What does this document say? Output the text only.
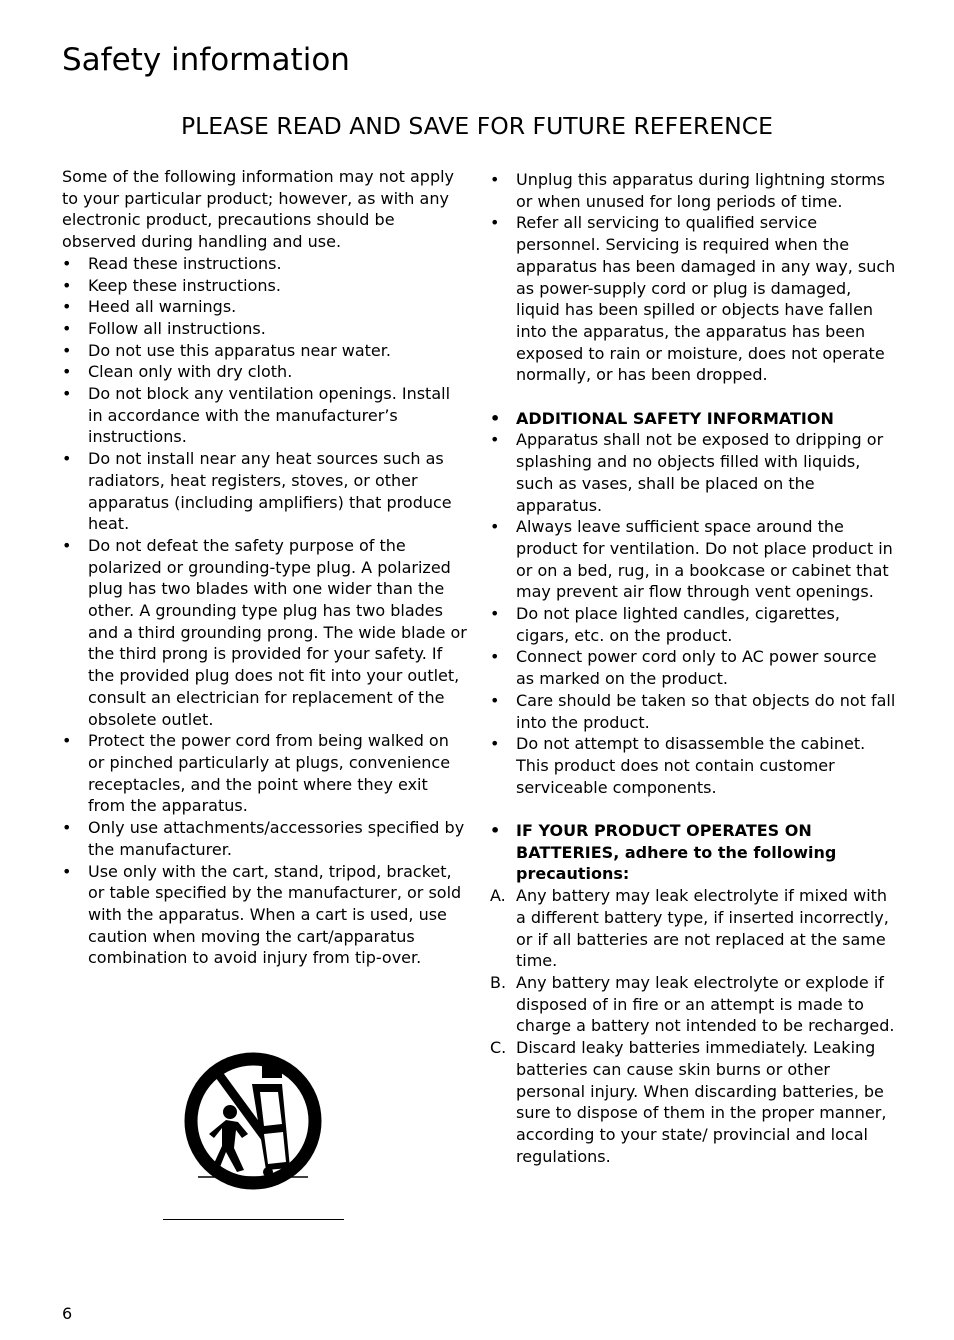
Safety information
PLEASE READ AND SAVE FOR FUTURE REFERENCE

Some of the following information may not apply to your particular product; however, as with any electronic product, precautions should be observed during handling and use.

• Read these instructions.
• Keep these instructions.
• Heed all warnings.
• Follow all instructions.
• Do not use this apparatus near water.
• Clean only with dry cloth.
• Do not block any ventilation openings. Install in accordance with the manufacturer’s instructions.
• Do not install near any heat sources such as radiators, heat registers, stoves, or other apparatus (including amplifiers) that produce heat.
• Do not defeat the safety purpose of the polarized or grounding-type plug. A polarized plug has two blades with one wider than the other. A grounding type plug has two blades and a third grounding prong. The wide blade or the third prong is provided for your safety. If the provided plug does not fit into your outlet, consult an electrician for replacement of the obsolete outlet.
• Protect the power cord from being walked on or pinched particularly at plugs, convenience receptacles, and the point where they exit from the apparatus.
• Only use attachments/accessories specified by the manufacturer.
• Use only with the cart, stand, tripod, bracket, or table specified by the manufacturer, or sold with the apparatus. When a cart is used, use caution when moving the cart/apparatus combination to avoid injury from tip-over.
• Unplug this apparatus during lightning storms or when unused for long periods of time.
• Refer all servicing to qualified service personnel. Servicing is required when the apparatus has been damaged in any way, such as power-supply cord or plug is damaged, liquid has been spilled or objects have fallen into the apparatus, the apparatus has been exposed to rain or moisture, does not operate normally, or has been dropped.
• ADDITIONAL SAFETY INFORMATION
• Apparatus shall not be exposed to dripping or splashing and no objects filled with liquids, such as vases, shall be placed on the apparatus.
• Always leave sufficient space around the product for ventilation. Do not place product in or on a bed, rug, in a bookcase or cabinet that may prevent air flow through vent openings.
• Do not place lighted candles, cigarettes, cigars, etc. on the product.
• Connect power cord only to AC power source as marked on the product.
• Care should be taken so that objects do not fall into the product.
• Do not attempt to disassemble the cabinet. This product does not contain customer serviceable components.
• IF YOUR PRODUCT OPERATES ON BATTERIES, adhere to the following precautions:
A. Any battery may leak electrolyte if mixed with a different battery type, if inserted incorrectly, or if all batteries are not replaced at the same time.
B. Any battery may leak electrolyte or explode if disposed of in fire or an attempt is made to charge a battery not intended to be recharged.
C. Discard leaky batteries immediately. Leaking batteries can cause skin burns or other personal injury. When discarding batteries, be sure to dispose of them in the proper manner, according to your state/ provincial and local regulations.
6
